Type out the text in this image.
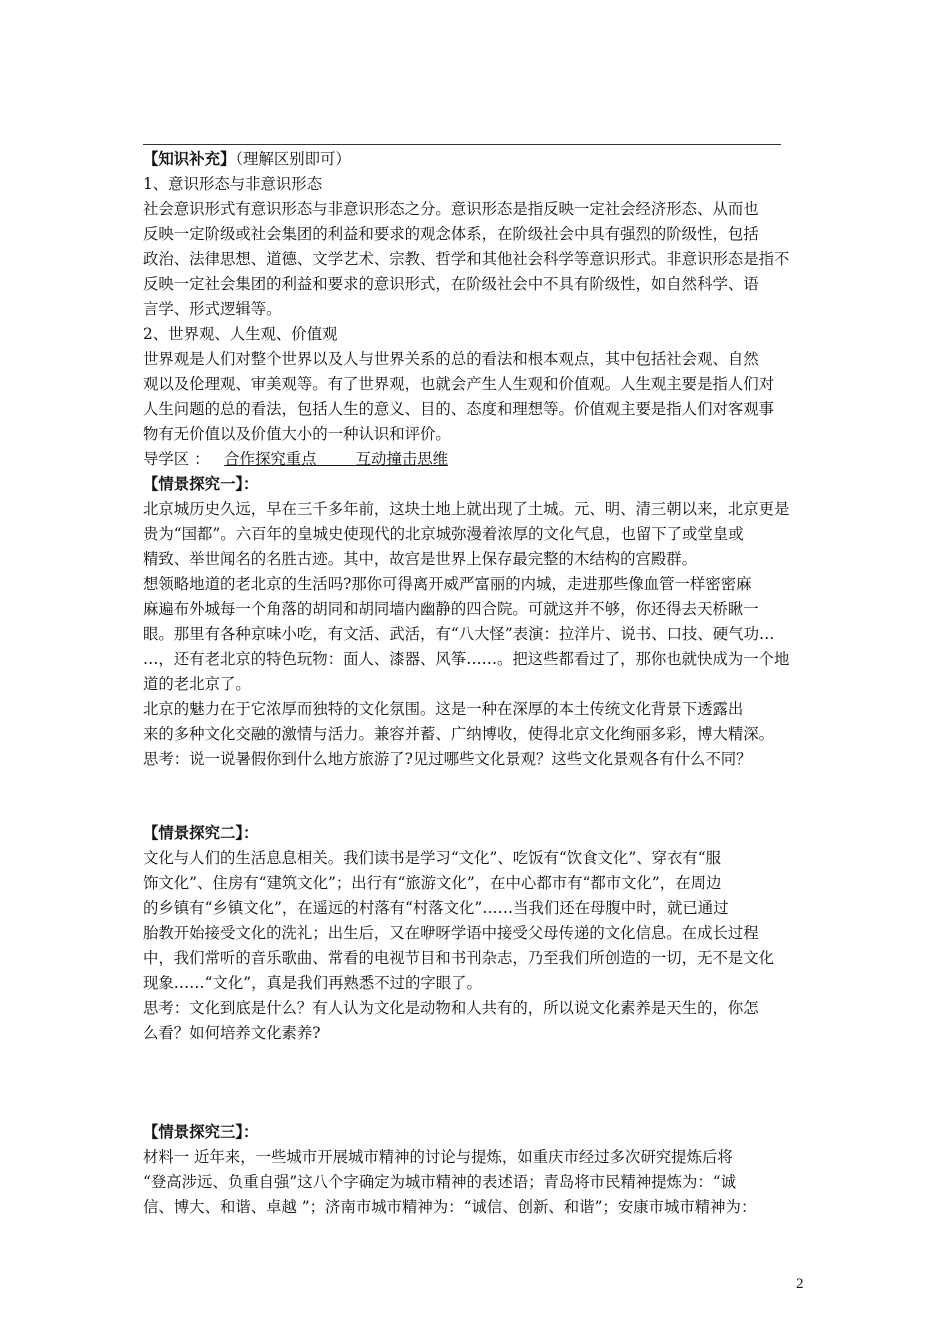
【知识补充】（理解区别即可）

1、意识形态与非意识形态

社会意识形式有意识形态与非意识形态之分。意识形态是指反映一定社会经济形态、从而也

反映一定阶级或社会集团的利益和要求的观念体系，在阶级社会中具有强烈的阶级性，包括

政治、法律思想、道德、文学艺术、宗教、哲学和其他社会科学等意识形式。非意识形态是指不

反映一定社会集团的利益和要求的意识形式，在阶级社会中不具有阶级性，如自然科学、语

言学、形式逻辑等。

2、世界观、人生观、价值观

世界观是人们对整个世界以及人与世界关系的总的看法和根本观点，其中包括社会观、自然

观以及伦理观、审美观等。有了世界观，也就会产生人生观和价值观。人生观主要是指人们对

人生问题的总的看法，包括人生的意义、目的、态度和理想等。价值观主要是指人们对客观事

物有无价值以及价值大小的一种认识和评价。

导学区 ： 合作探究重点	互动撞击思维

【情景探究一】：

北京城历史久远，早在三千多年前，这块土地上就出现了土城。元、明、清三朝以来，北京更是

贵为“国都”。六百年的皇城史使现代的北京城弥漫着浓厚的文化气息，也留下了或堂皇或

精致、举世闻名的名胜古迹。其中，故宫是世界上保存最完整的木结构的宫殿群。

想领略地道的老北京的生活吗?那你可得离开威严富丽的内城，走进那些像血管一样密密麻

麻遍布外城每一个角落的胡同和胡同墙内幽静的四合院。可就这并不够，你还得去天桥瞅一

眼。那里有各种京味小吃，有文活、武活，有“八大怪”表演：拉洋片、说书、口技、硬气功…

…，还有老北京的特色玩物：面人、漆器、风筝……。把这些都看过了，那你也就快成为一个地

道的老北京了。

北京的魅力在于它浓厚而独特的文化氛围。这是一种在深厚的本土传统文化背景下透露出

来的多种文化交融的激情与活力。兼容并蓄、广纳博收，使得北京文化绚丽多彩，博大精深。

思考：说一说暑假你到什么地方旅游了?见过哪些文化景观？这些文化景观各有什么不同？

【情景探究二】：

文化与人们的生活息息相关。我们读书是学习“文化”、吃饭有“饮食文化”、穿衣有“服

饰文化”、住房有“建筑文化”；出行有“旅游文化”，在中心都市有“都市文化”，在周边

的乡镇有“乡镇文化”，在遥远的村落有“村落文化”……当我们还在母腹中时，就已通过

胎教开始接受文化的洗礼；出生后，又在咿呀学语中接受父母传递的文化信息。在成长过程

中，我们常听的音乐歌曲、常看的电视节目和书刊杂志，乃至我们所创造的一切，无不是文化

现象……“文化”，真是我们再熟悉不过的字眼了。

思考：文化到底是什么？有人认为文化是动物和人共有的，所以说文化素养是天生的，你怎

么看？如何培养文化素养?

【情景探究三】：

材料一 近年来，一些城市开展城市精神的讨论与提炼，如重庆市经过多次研究提炼后将

“登高涉远、负重自强”这八个字确定为城市精神的表述语；青岛将市民精神提炼为：“诚

信、博大、和谐、卓越 ”；济南市城市精神为：“诚信、创新、和谐”；安康市城市精神为：

2
